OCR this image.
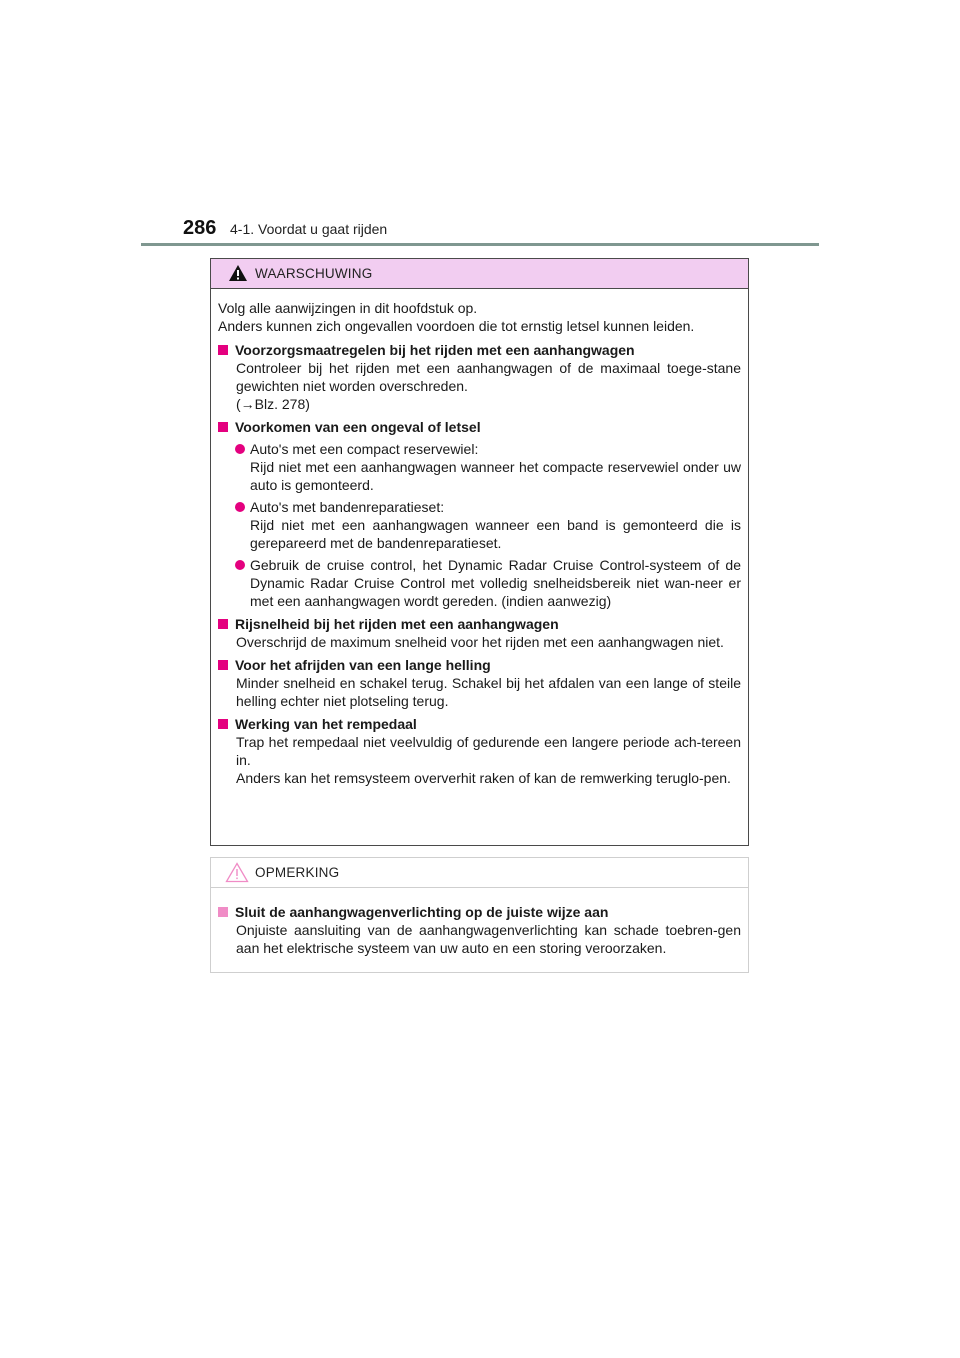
286 4-1. Voordat u gaat rijden
WAARSCHUWING

Volg alle aanwijzingen in dit hoofdstuk op.

Anders kunnen zich ongevallen voordoen die tot ernstig letsel kunnen leiden.

Voorzorgsmaatregelen bij het rijden met een aanhangwagen

Controleer bij het rijden met een aanhangwagen of de maximaal toege-stane gewichten niet worden overschreden.

(→Blz. 278)

Voorkomen van een ongeval of letsel

Auto's met een compact reservewiel:

Rijd niet met een aanhangwagen wanneer het compacte reservewiel onder uw auto is gemonteerd.

Auto's met bandenreparatieset:

Rijd niet met een aanhangwagen wanneer een band is gemonteerd die is gerepareerd met de bandenreparatieset.

Gebruik de cruise control, het Dynamic Radar Cruise Control-systeem of de Dynamic Radar Cruise Control met volledig snelheidsbereik niet wan-neer er met een aanhangwagen wordt gereden. (indien aanwezig)

Rijsnelheid bij het rijden met een aanhangwagen

Overschrijd de maximum snelheid voor het rijden met een aanhangwagen niet.

Voor het afrijden van een lange helling

Minder snelheid en schakel terug. Schakel bij het afdalen van een lange of steile helling echter niet plotseling terug.

Werking van het rempedaal

Trap het rempedaal niet veelvuldig of gedurende een langere periode ach-tereen in.

Anders kan het remsysteem oververhit raken of kan de remwerking teruglo-pen.

OPMERKING
Sluit de aanhangwagenverlichting op de juiste wijze aan

Onjuiste aansluiting van de aanhangwagenverlichting kan schade toebren-gen aan het elektrische systeem van uw auto en een storing veroorzaken.
